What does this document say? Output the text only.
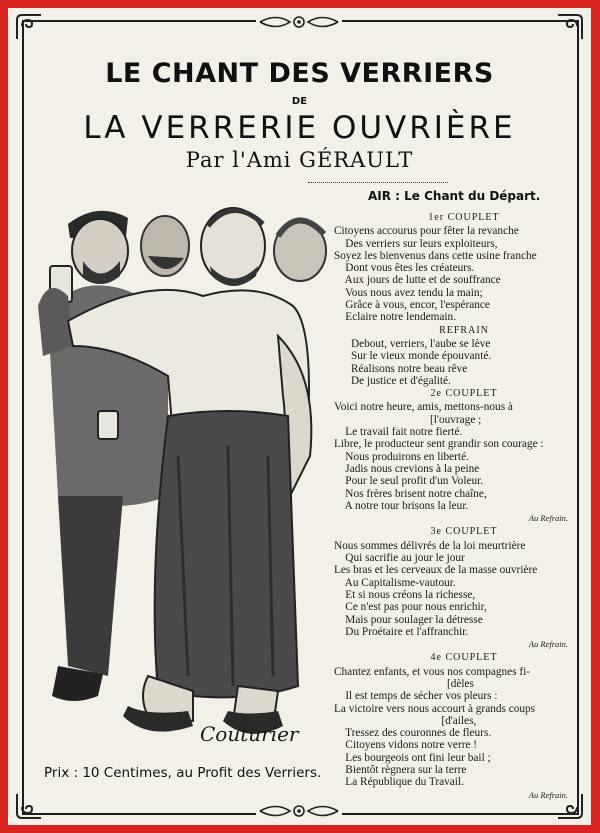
LE CHANT DES VERRIERS
DE
LA VERRERIE OUVRIÈRE
Par l'Ami GÉRAULT
Couturier
AIR : Le Chant du Départ.
1er COUPLET
Citoyens accourus pour fêter la revanche
Des verriers sur leurs exploiteurs,
Soyez les bienvenus dans cette usine franche
Dont vous êtes les créateurs.
Aux jours de lutte et de souffrance
Vous nous avez tendu la main;
Grâce à vous, encor, l'espérance
Eclaire notre lendemain.
REFRAIN
Debout, verriers, l'aube se lève
Sur le vieux monde épouvanté.
Réalisons notre beau rêve
De justice et d'égalité.
2e COUPLET
Voici notre heure, amis, mettons-nous à
[l'ouvrage ;
Le travail fait notre fierté.
Libre, le producteur sent grandir son courage :
Nous produirons en liberté.
Jadis nous crevions à la peine
Pour le seul profit d'un Voleur.
Nos frères brisent notre chaîne,
A notre tour brisons la leur.
Au Refrain.
3e COUPLET
Nous sommes délivrés de la loi meurtrière
Qui sacrifie au jour le jour
Les bras et les cerveaux de la masse ouvrière
Au Capitalisme-vautour.
Et si nous créons la richesse,
Ce n'est pas pour nous enrichir,
Mais pour soulager la détresse
Du Proétaire et l'affranchir.
Au Refrain.
4e COUPLET
Chantez enfants, et vous nos compagnes fi-
[dèles
Il est temps de sécher vos pleurs :
La victoire vers nous accourt à grands coups
[d'ailes,
Tressez des couronnes de fleurs.
Citoyens vidons notre verre !
Les bourgeois ont fini leur bail ;
Bientôt règnera sur la terre
La République du Travail.
Au Refrain.
Prix : 10 Centimes, au Profit des Verriers.
